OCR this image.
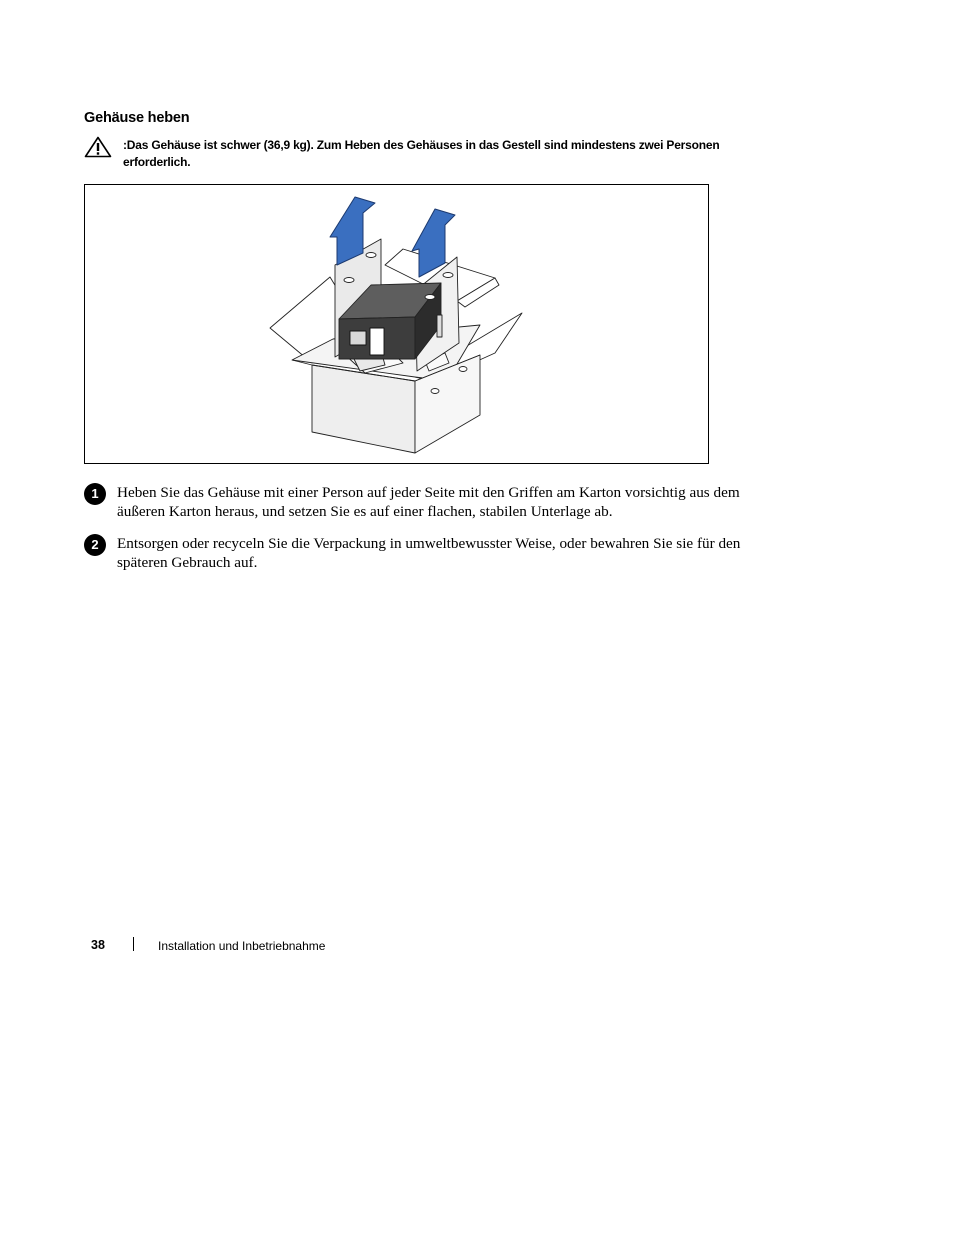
Gehäuse heben
:Das Gehäuse ist schwer (36,9 kg). Zum Heben des Gehäuses in das Gestell sind mindestens zwei Personen erforderlich.
1	Heben Sie das Gehäuse mit einer Person auf jeder Seite mit den Griffen am Karton vorsichtig aus dem äußeren Karton heraus, und setzen Sie es auf einer flachen, stabilen Unterlage ab.
2	Entsorgen oder recyceln Sie die Verpackung in umweltbewusster Weise, oder bewahren Sie sie für den späteren Gebrauch auf.
38	Installation und Inbetriebnahme
